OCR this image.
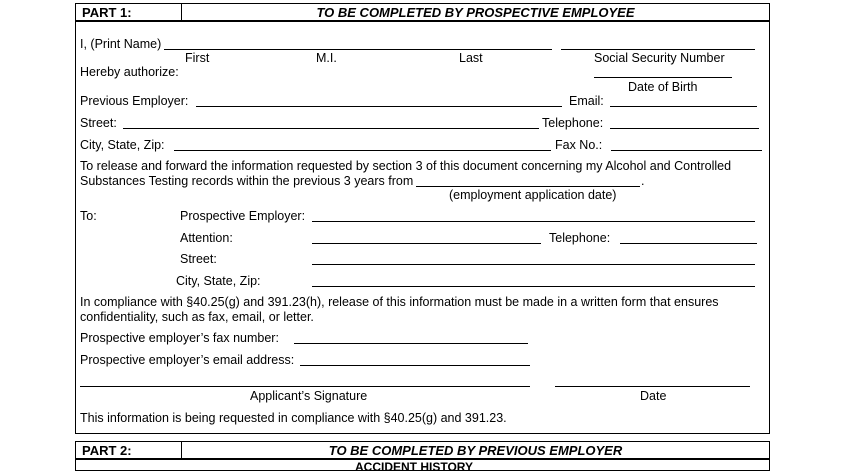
PART 1:	TO BE COMPLETED BY PROSPECTIVE EMPLOYEE
I, (Print Name)
First	M.I.	Last	Social Security Number
Hereby authorize:
Date of Birth
Previous Employer:	Email:
Street:	Telephone:
City, State, Zip:	Fax No.:
To release and forward the information requested by section 3 of this document concerning my Alcohol and Controlled
Substances Testing records within the previous 3 years from	.
(employment application date)
To:	Prospective Employer:
Attention:	Telephone:
Street:
City, State, Zip:
In compliance with §40.25(g) and 391.23(h), release of this information must be made in a written form that ensures
confidentiality, such as fax, email, or letter.
Prospective employer’s fax number:
Prospective employer’s email address:
Applicant’s Signature	Date
This information is being requested in compliance with §40.25(g) and 391.23.
PART 2:	TO BE COMPLETED BY PREVIOUS EMPLOYER
ACCIDENT HISTORY
